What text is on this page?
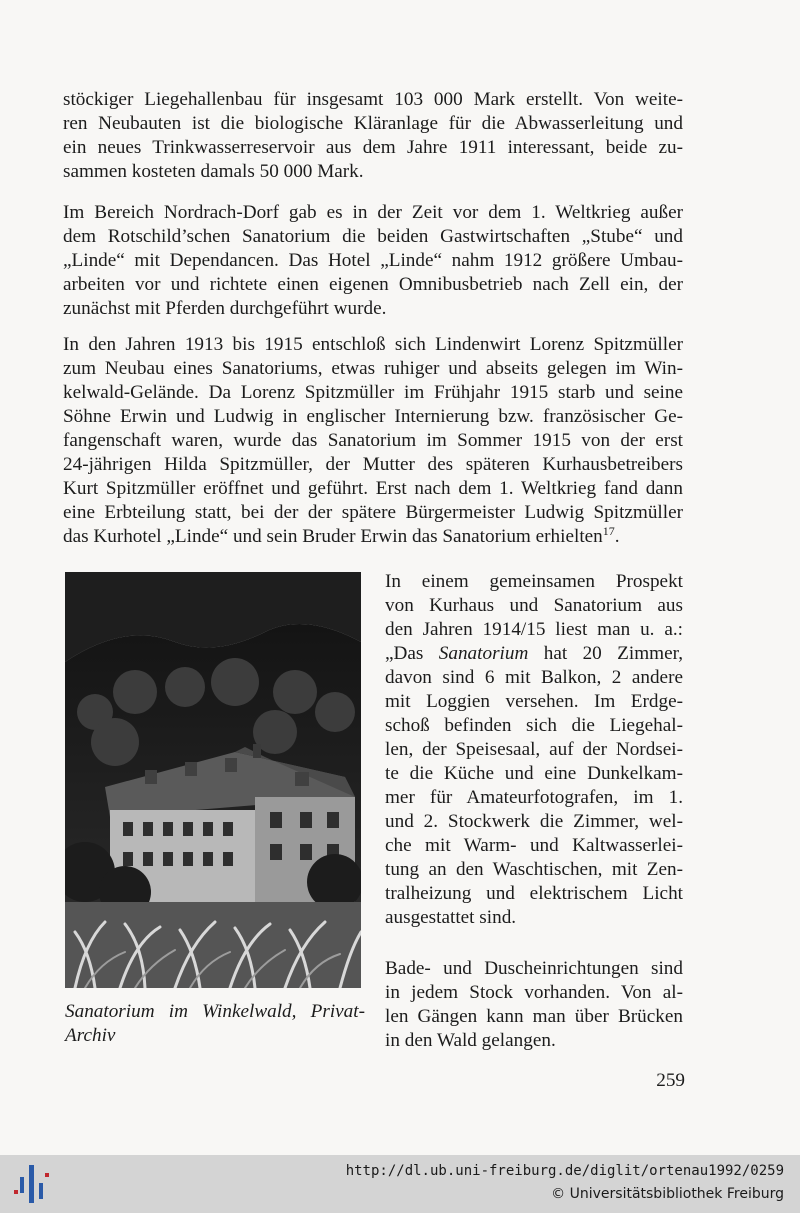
stöckiger Liegehallenbau für insgesamt 103 000 Mark erstellt. Von weite-
ren Neubauten ist die biologische Kläranlage für die Abwasserleitung und
ein neues Trinkwasserreservoir aus dem Jahre 1911 interessant, beide zu-
sammen kosteten damals 50 000 Mark.
Im Bereich Nordrach-Dorf gab es in der Zeit vor dem 1. Weltkrieg außer
dem Rotschild’schen Sanatorium die beiden Gastwirtschaften „Stube“ und
„Linde“ mit Dependancen. Das Hotel „Linde“ nahm 1912 größere Umbau-
arbeiten vor und richtete einen eigenen Omnibusbetrieb nach Zell ein, der
zunächst mit Pferden durchgeführt wurde.
In den Jahren 1913 bis 1915 entschloß sich Lindenwirt Lorenz Spitzmüller
zum Neubau eines Sanatoriums, etwas ruhiger und abseits gelegen im Win-
kelwald-Gelände. Da Lorenz Spitzmüller im Frühjahr 1915 starb und seine
Söhne Erwin und Ludwig in englischer Internierung bzw. französischer Ge-
fangenschaft waren, wurde das Sanatorium im Sommer 1915 von der erst
24-jährigen Hilda Spitzmüller, der Mutter des späteren Kurhausbetreibers
Kurt Spitzmüller eröffnet und geführt. Erst nach dem 1. Weltkrieg fand dann
eine Erbteilung statt, bei der der spätere Bürgermeister Ludwig Spitzmüller
das Kurhotel „Linde“ und sein Bruder Erwin das Sanatorium erhielten$^{17}$.
Sanatorium im Winkelwald, Privat-
Archiv
In einem gemeinsamen Prospekt
von Kurhaus und Sanatorium aus
den Jahren 1914/15 liest man u. a.:
„Das Sanatorium hat 20 Zimmer,
davon sind 6 mit Balkon, 2 andere
mit Loggien versehen. Im Erdge-
schoß befinden sich die Liegehal-
len, der Speisesaal, auf der Nordsei-
te die Küche und eine Dunkelkam-
mer für Amateurfotografen, im 1.
und 2. Stockwerk die Zimmer, wel-
che mit Warm- und Kaltwasserlei-
tung an den Waschtischen, mit Zen-
tralheizung und elektrischem Licht
ausgestattet sind.
Bade- und Duscheinrichtungen sind
in jedem Stock vorhanden. Von al-
len Gängen kann man über Brücken
in den Wald gelangen.
259
http://dl.ub.uni-freiburg.de/diglit/ortenau1992/0259
© Universitätsbibliothek Freiburg
